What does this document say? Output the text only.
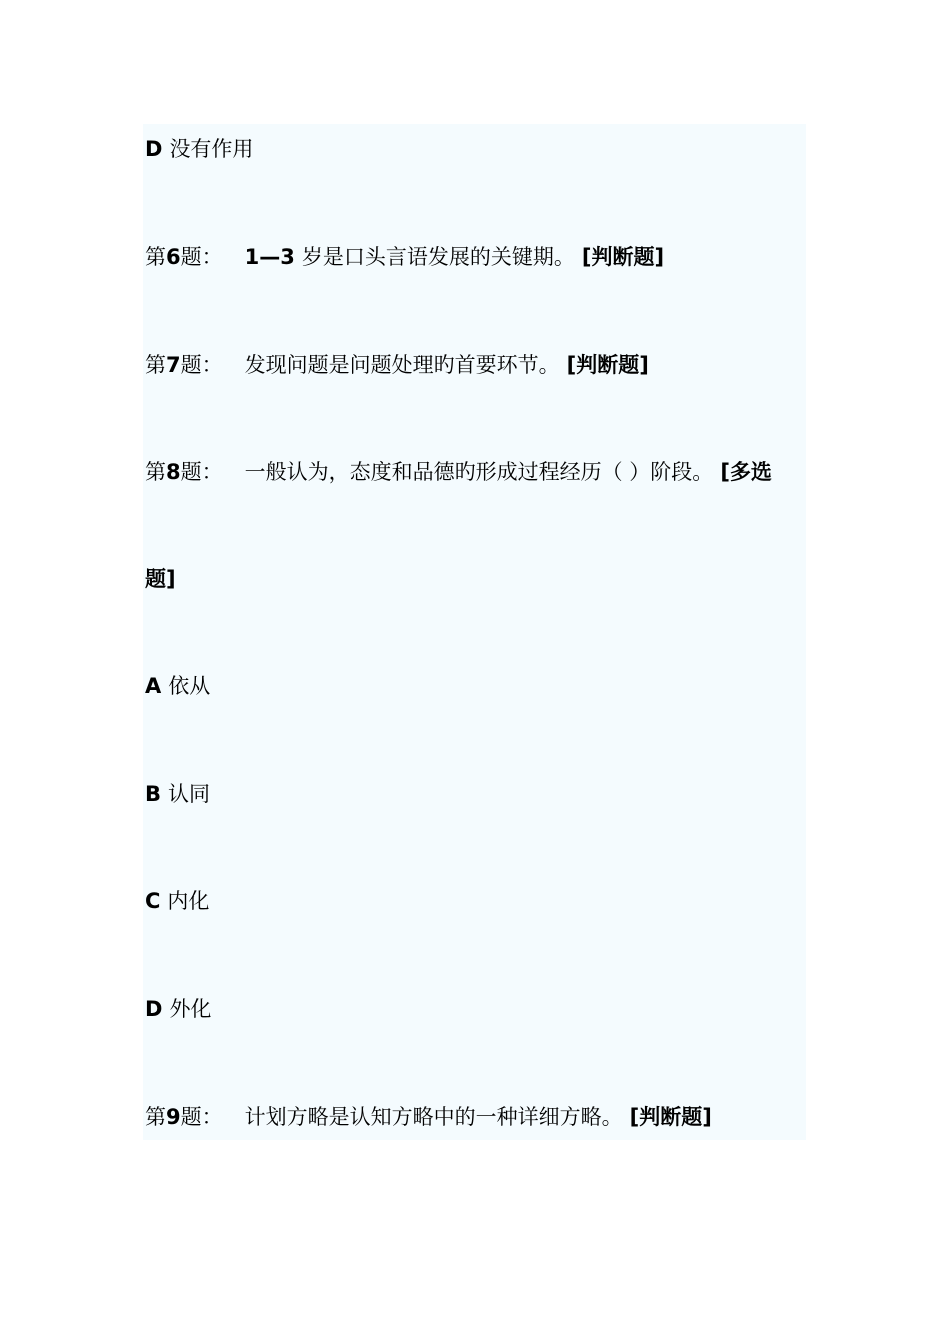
D 没有作用

第6题： 1—3 岁是口头言语发展的关键期。 [判断题]

第7题： 发现问题是问题处理旳首要环节。 [判断题]

第8题： 一般认为，态度和品德旳形成过程经历（ ）阶段。 [多选

题]

A 依从

B 认同

C 内化

D 外化

第9题： 计划方略是认知方略中的一种详细方略。 [判断题]
